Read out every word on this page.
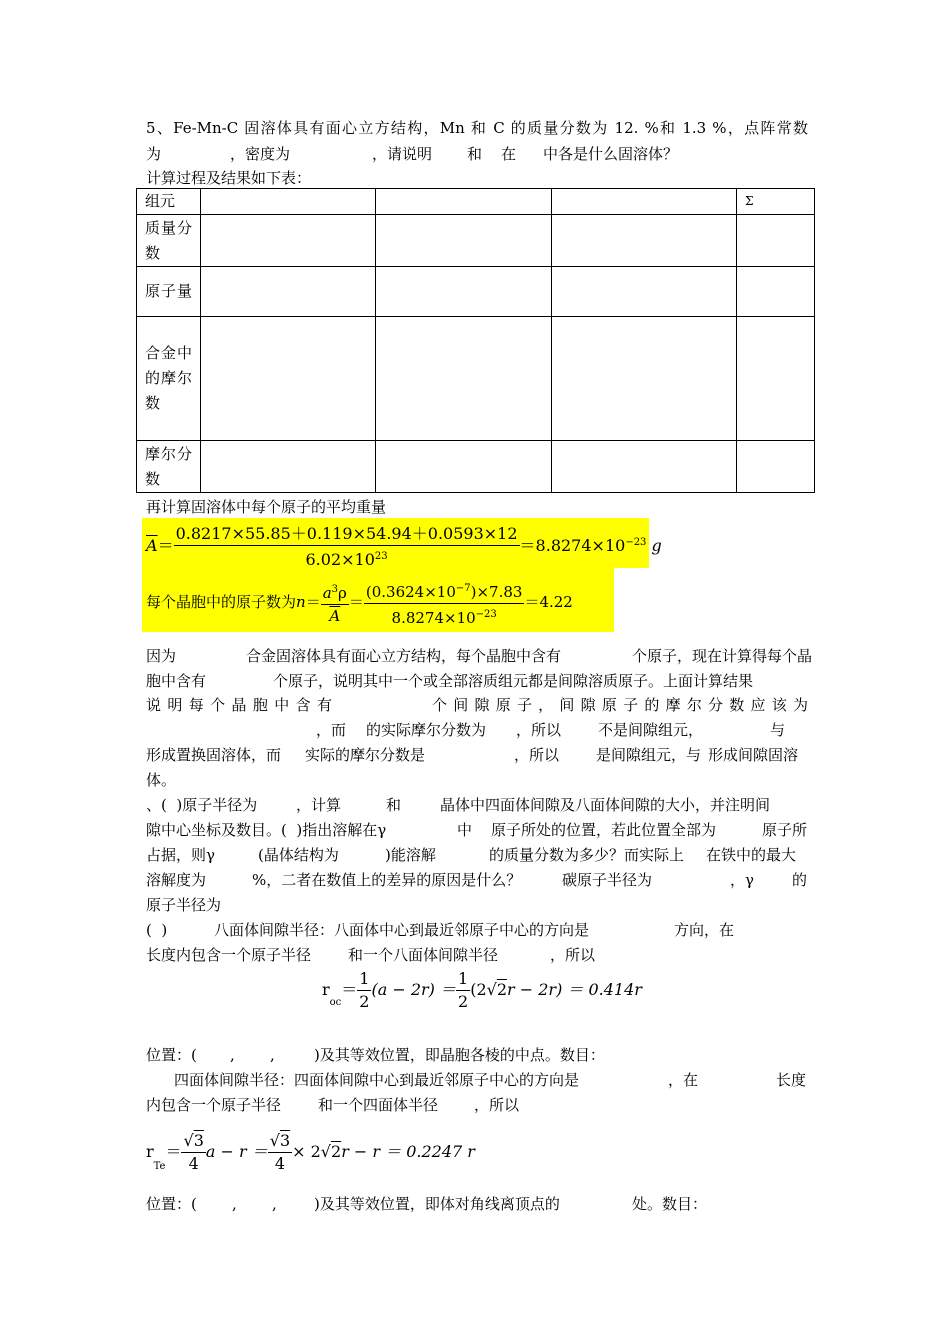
5、Fe-Mn-C 固溶体具有面心立方结构，Mn 和 C 的质量分数为 12. %和 1.3 %，点阵常数
为	，密度为	，请说明 和 在 中各是什么固溶体？
计算过程及结果如下表：
组元				Σ
质量分数				
原子量				
合金中的摩尔数				
摩尔分数				
再计算固溶体中每个原子的平均重量
$\overline{A}= \frac{0.8217\times 55.85+0.119\times 54.94+0.0593\times 12}{6.02\times 10^{23}} =8.8274\times 10^{-23}$ g
每个晶胞中的原子数为$n= \frac{a^3\rho}{A} = \frac{(0.3624\times 10^{-7})\times 7.83}{8.8274\times 10^{-23}} =4.22$
因为	合金固溶体具有面心立方结构，每个晶胞中含有	个原子，现在计算得每个晶
胞中含有	个原子，说明其中一个或全部溶质组元都是间隙溶质原子。上面计算结果
说明每个晶胞中含有	个间隙原子，间隙原子的摩尔分数应该为
，而 的实际摩尔分数为 ，所以 不是间隙组元，	与
形成置换固溶体，而 实际的摩尔分数是	，所以 是间隙组元，与 形成间隙固溶
体。
、(  )原子半径为	，计算	和	晶体中四面体间隙及八面体间隙的大小，并注明间
隙中心坐标及数目。(  )指出溶解在γ	中 原子所处的位置，若此位置全部为	原子所
占据，则γ	(晶体结构为	)能溶解	的质量分数为多少？而实际上 在铁中的最大
溶解度为	%，二者在数值上的差异的原因是什么？	碳原子半径为	，γ	的
原子半径为
(  )	八面体间隙半径：八面体中心到最近邻原子中心的方向是	方向，在
长度内包含一个原子半径 和一个八面体间隙半径	，所以
$r_{oc}= \frac{1}{2} (a - 2r) = \frac{1}{2} (2√2r - 2r) = 0.414r$
位置：( , ,	)及其等效位置，即晶胞各棱的中点。数目：
四面体间隙半径：四面体间隙中心到最近邻原子中心的方向是	，在	长度
内包含一个原子半径 和一个四面体半径 ，所以
$r_{Te}= \frac{√3}{4}$ $a - r = \frac{√3}{4} \times 2√2r - r = 0.2247$ r
位置：( , , )及其等效位置，即体对角线离顶点的	处。数目：
